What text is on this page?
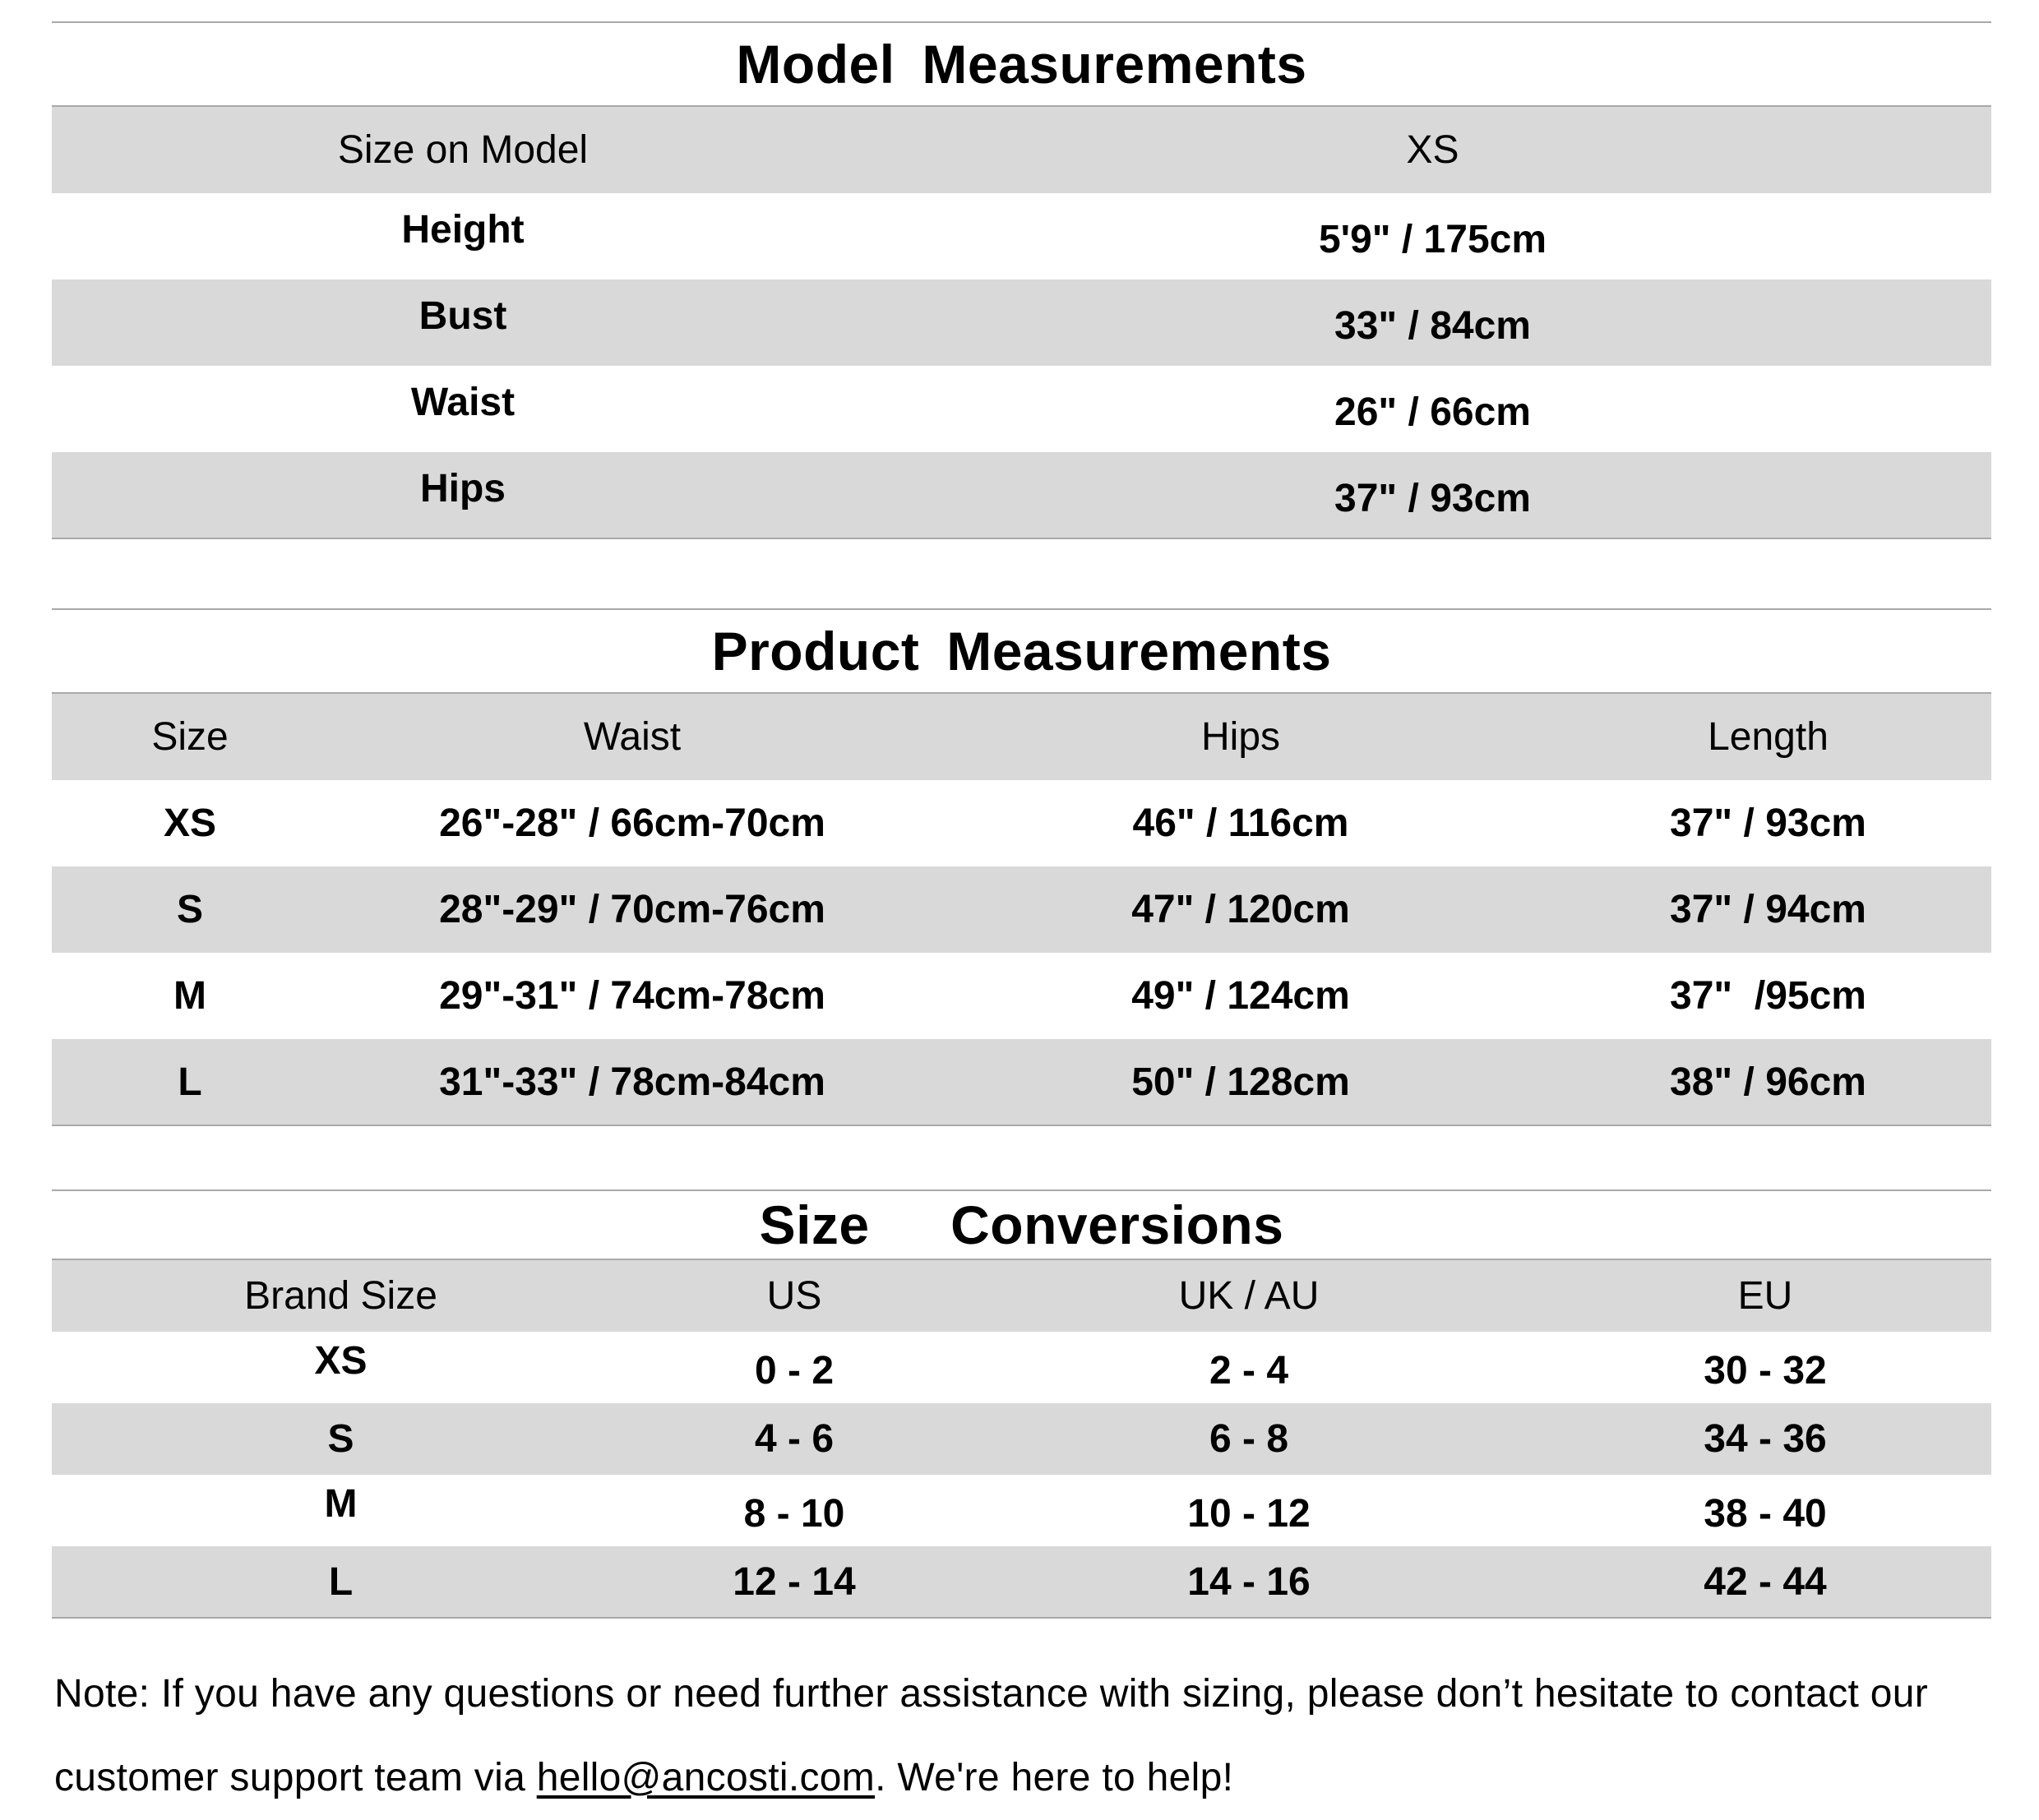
Model Measurements
Size on Model	XS
Height	5'9" / 175cm
Bust	33" / 84cm
Waist	26" / 66cm
Hips	37" / 93cm
Product Measurements
Size	Waist	Hips	Length
XS	26"-28" / 66cm-70cm	46" / 116cm	37" / 93cm
S	28"-29" / 70cm-76cm	47" / 120cm	37" / 94cm
M	29"-31" / 74cm-78cm	49" / 124cm	37"  /95cm
L	31"-33" / 78cm-84cm	50" / 128cm	38" / 96cm
Size   Conversions
Brand Size	US	UK / AU	EU
XS	0 - 2	2 - 4	30 - 32
S	4 - 6	6 - 8	34 - 36
M	8 - 10	10 - 12	38 - 40
L	12 - 14	14 - 16	42 - 44
Note: If you have any questions or need further assistance with sizing, please don’t hesitate to contact our customer support team via hello@ancosti.com. We're here to help!
